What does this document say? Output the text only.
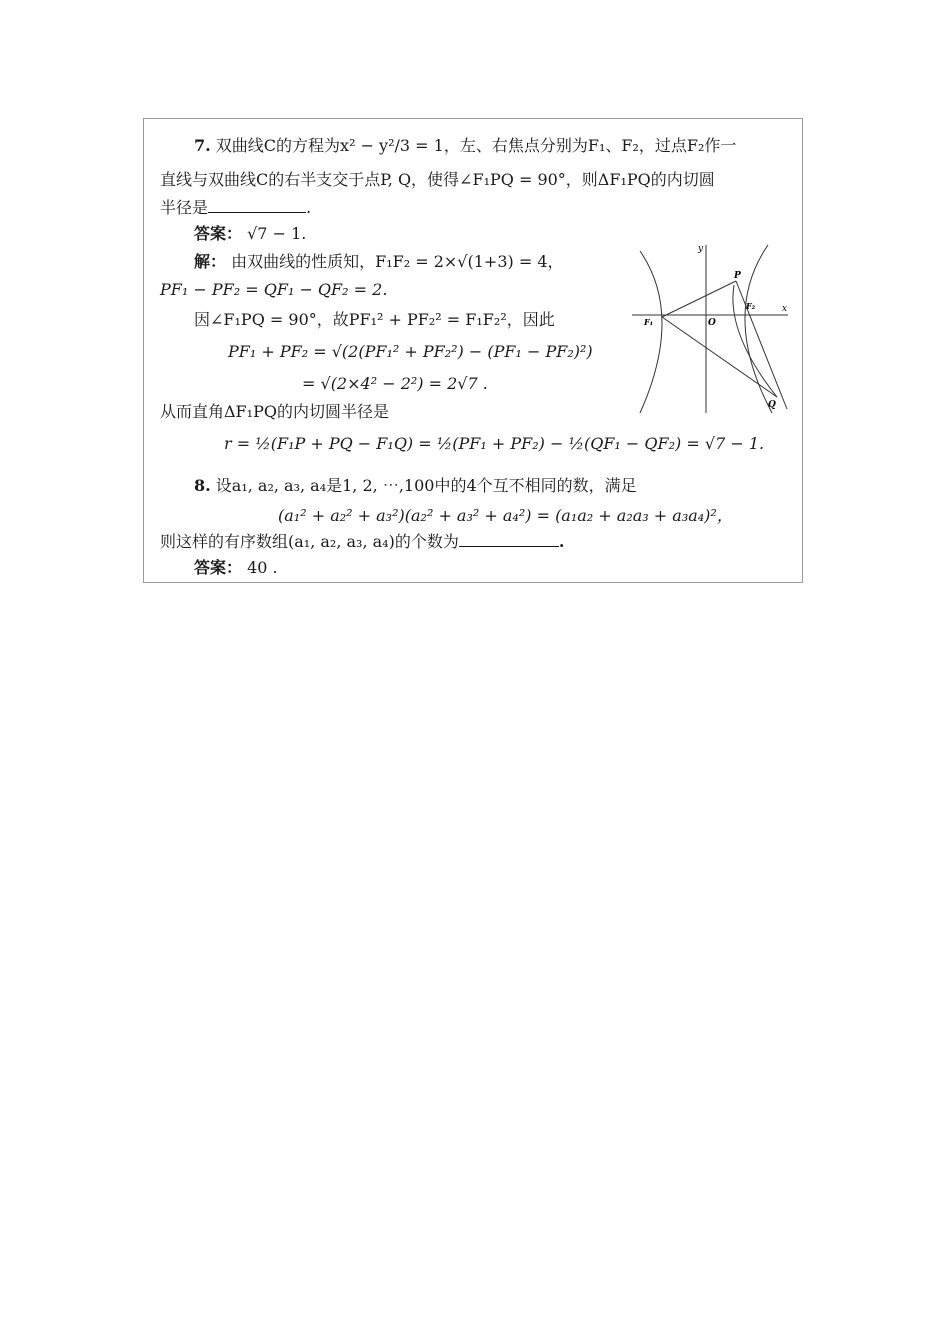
7. 双曲线C的方程为x² − y²/3 = 1，左、右焦点分别为F₁、F₂，过点F₂作一
直线与双曲线C的右半支交于点P, Q，使得∠F₁PQ = 90°，则ΔF₁PQ的内切圆
半径是	.
答案： √7 − 1.
解： 由双曲线的性质知，F₁F₂ = 2×√(1+3) = 4，
PF₁ − PF₂ = QF₁ − QF₂ = 2.
因∠F₁PQ = 90°，故PF₁² + PF₂² = F₁F₂²，因此
PF₁ + PF₂ = √(2(PF₁² + PF₂²) − (PF₁ − PF₂)²)
= √(2×4² − 2²) = 2√7 .
从而直角ΔF₁PQ的内切圆半径是
r = ½(F₁P + PQ − F₁Q) = ½(PF₁ + PF₂) − ½(QF₁ − QF₂) = √7 − 1.
8. 设a₁, a₂, a₃, a₄是1, 2, ⋯,100中的4个互不相同的数，满足
(a₁² + a₂² + a₃²)(a₂² + a₃² + a₄²) = (a₁a₂ + a₂a₃ + a₃a₄)²，
则这样的有序数组(a₁, a₂, a₃, a₄)的个数为	.
答案： 40 .
y
x
O
P
Q
F₁
F₂
